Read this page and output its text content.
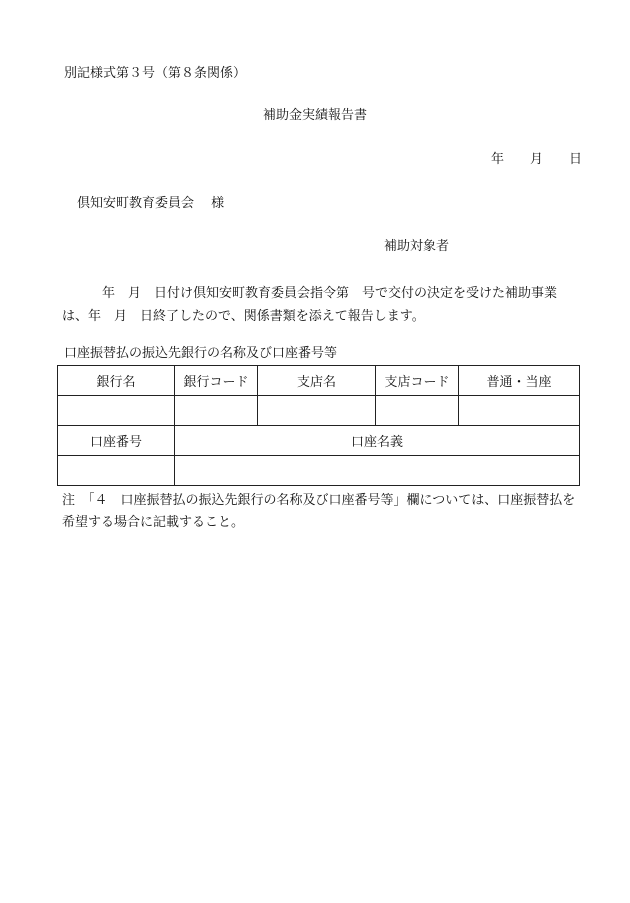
別記様式第３号（第８条関係）
補助金実績報告書
年　　月　　日
倶知安町教育委員会　 様
補助対象者
年　月　日付け倶知安町教育委員会指令第　号で交付の決定を受けた補助事業は、年　月　日終了したので、関係書類を添えて報告します。
口座振替払の振込先銀行の名称及び口座番号等
銀行名	銀行コード	支店名	支店コード	普通・当座

口座番号	口座名義			

注　「４　口座振替払の振込先銀行の名称及び口座番号等」欄については、口座振替払を希望する場合に記載すること。
